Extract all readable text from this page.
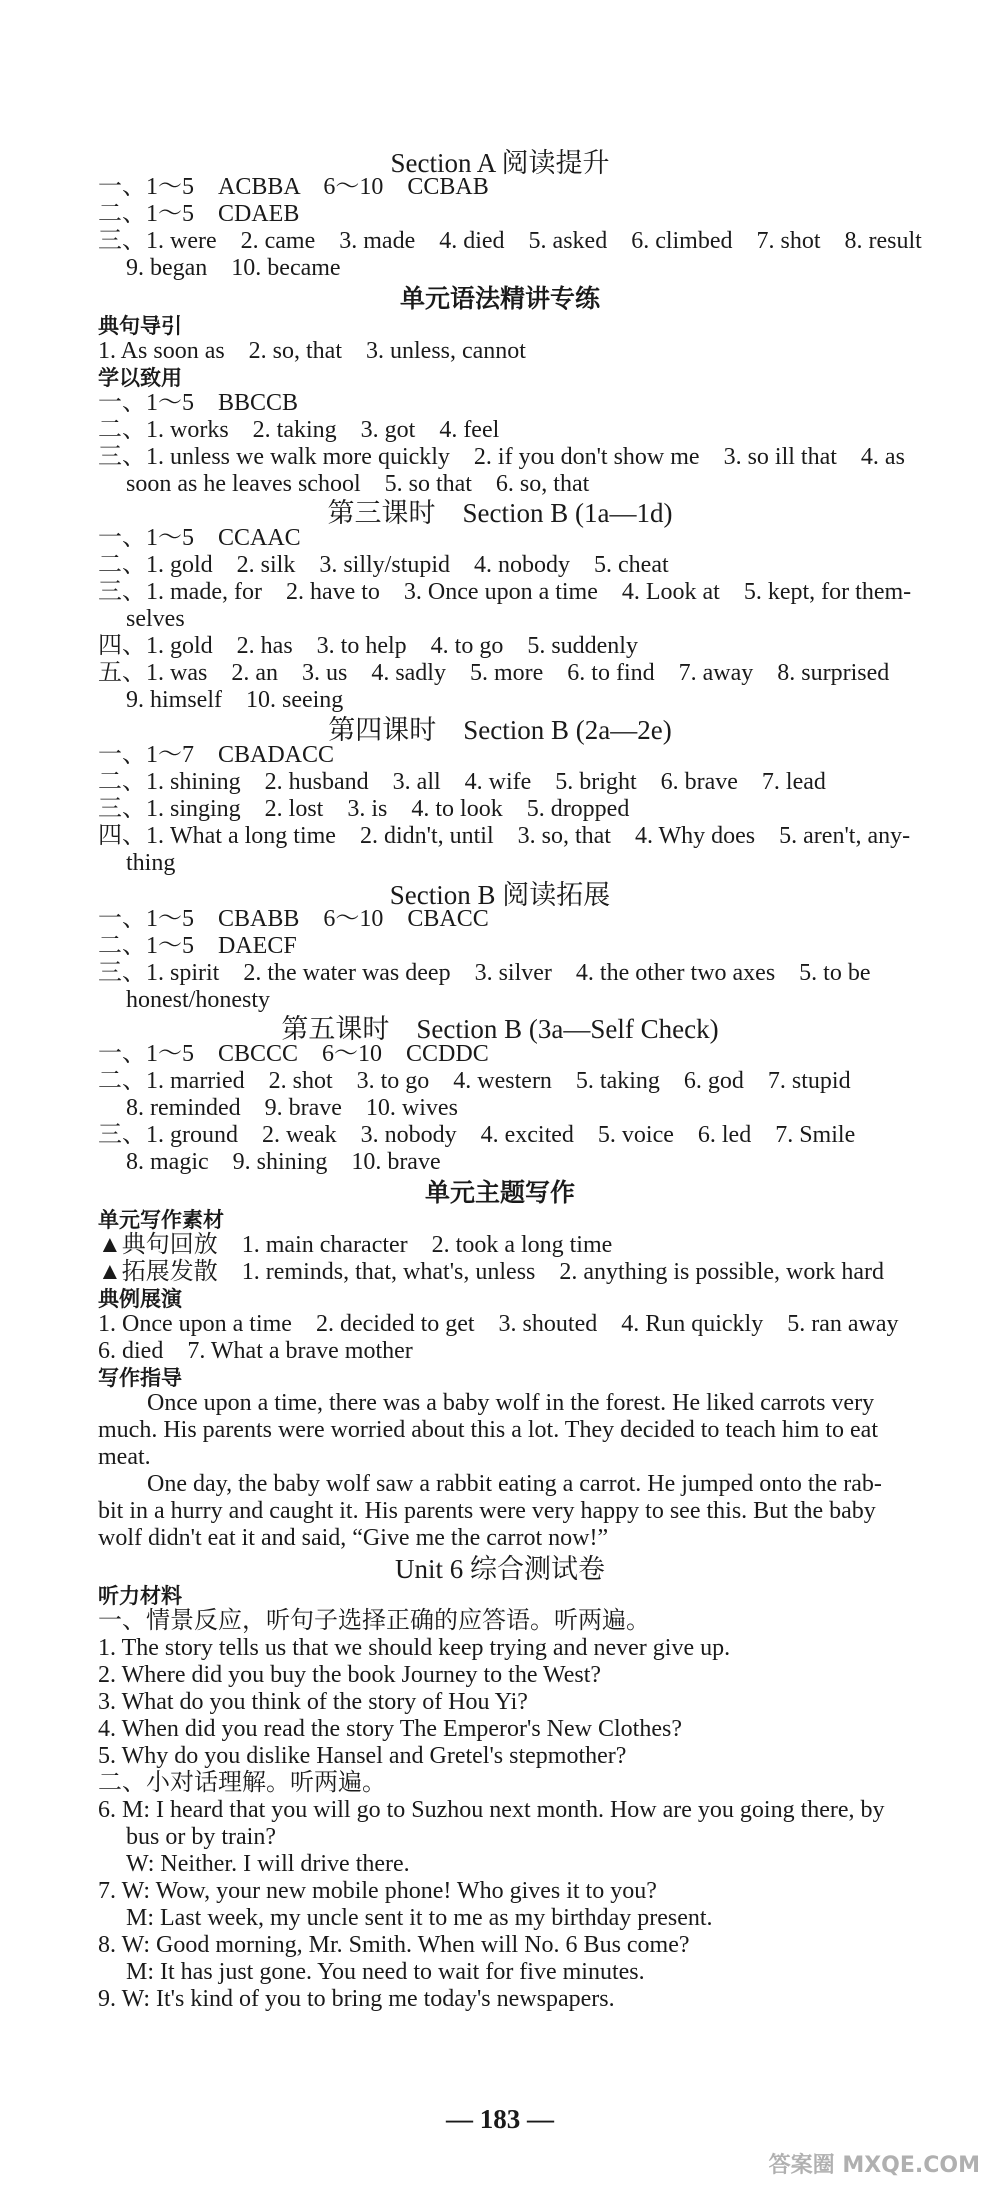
Section A 阅读提升
一、1～5　ACBBA　6～10　CCBAB
二、1～5　CDAEB
三、1. were　2. came　3. made　4. died　5. asked　6. climbed　7. shot　8. result
9. began　10. became
单元语法精讲专练
典句导引
1. As soon as　2. so, that　3. unless, cannot
学以致用
一、1～5　BBCCB
二、1. works　2. taking　3. got　4. feel
三、1. unless we walk more quickly　2. if you don't show me　3. so ill that　4. as
soon as he leaves school　5. so that　6. so, that
第三课时　Section B (1a—1d)
一、1～5　CCAAC
二、1. gold　2. silk　3. silly/stupid　4. nobody　5. cheat
三、1. made, for　2. have to　3. Once upon a time　4. Look at　5. kept, for them-
selves
四、1. gold　2. has　3. to help　4. to go　5. suddenly
五、1. was　2. an　3. us　4. sadly　5. more　6. to find　7. away　8. surprised
9. himself　10. seeing
第四课时　Section B (2a—2e)
一、1～7　CBADACC
二、1. shining　2. husband　3. all　4. wife　5. bright　6. brave　7. lead
三、1. singing　2. lost　3. is　4. to look　5. dropped
四、1. What a long time　2. didn't, until　3. so, that　4. Why does　5. aren't, any-
thing
Section B 阅读拓展
一、1～5　CBABB　6～10　CBACC
二、1～5　DAECF
三、1. spirit　2. the water was deep　3. silver　4. the other two axes　5. to be
honest/honesty
第五课时　Section B (3a—Self Check)
一、1～5　CBCCC　6～10　CCDDC
二、1. married　2. shot　3. to go　4. western　5. taking　6. god　7. stupid
8. reminded　9. brave　10. wives
三、1. ground　2. weak　3. nobody　4. excited　5. voice　6. led　7. Smile
8. magic　9. shining　10. brave
单元主题写作
单元写作素材
▲典句回放　1. main character　2. took a long time
▲拓展发散　1. reminds, that, what's, unless　2. anything is possible, work hard
典例展演
1. Once upon a time　2. decided to get　3. shouted　4. Run quickly　5. ran away
6. died　7. What a brave mother
写作指导
Once upon a time, there was a baby wolf in the forest. He liked carrots very
much. His parents were worried about this a lot. They decided to teach him to eat
meat.
One day, the baby wolf saw a rabbit eating a carrot. He jumped onto the rab-
bit in a hurry and caught it. His parents were very happy to see this. But the baby
wolf didn't eat it and said, “Give me the carrot now!”
Unit 6 综合测试卷
听力材料
一、情景反应，听句子选择正确的应答语。听两遍。
1. The story tells us that we should keep trying and never give up.
2. Where did you buy the book Journey to the West?
3. What do you think of the story of Hou Yi?
4. When did you read the story The Emperor's New Clothes?
5. Why do you dislike Hansel and Gretel's stepmother?
二、小对话理解。听两遍。
6. M: I heard that you will go to Suzhou next month. How are you going there, by
bus or by train?
W: Neither. I will drive there.
7. W: Wow, your new mobile phone! Who gives it to you?
M: Last week, my uncle sent it to me as my birthday present.
8. W: Good morning, Mr. Smith. When will No. 6 Bus come?
M: It has just gone. You need to wait for five minutes.
9. W: It's kind of you to bring me today's newspapers.
— 183 —
答案圈 MXQE.COM
